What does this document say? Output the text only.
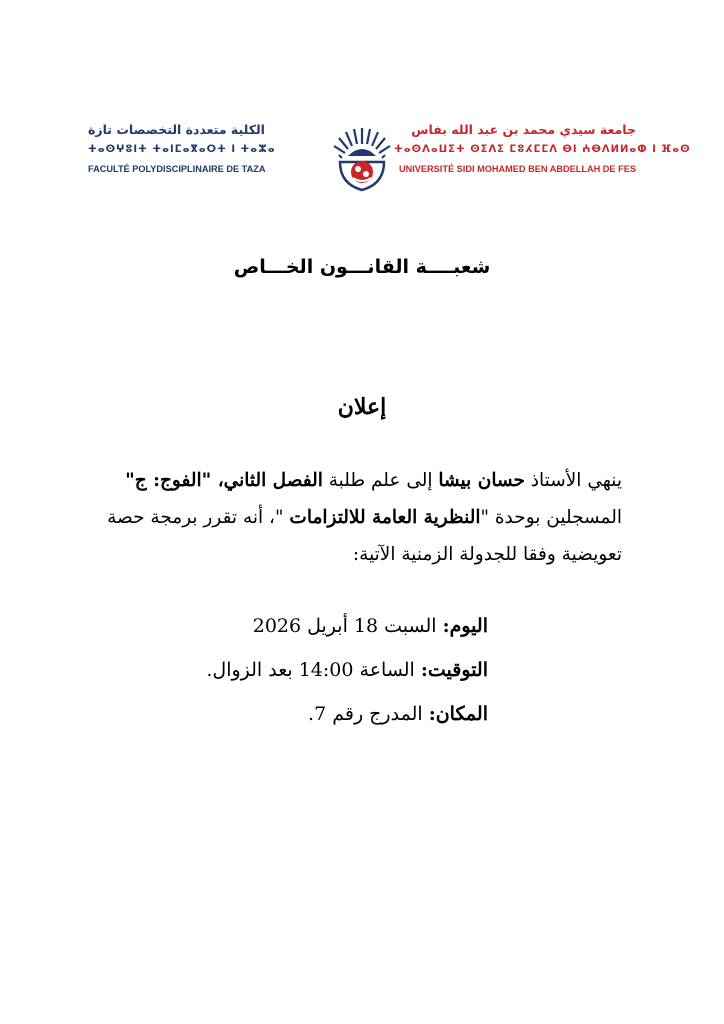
جامعة سيدي محمد بن عبد الله بفاس
ⵜⴰⵙⴷⴰⵡⵉⵜ ⵙⵉⴷⵉ ⵎⵓⵃⵎⵎⴷ ⴱⵏ ⵄⴱⴷⵍⵍⴰⵀ ⵏ ⴼⴰⵙ
UNIVERSITÉ SIDI MOHAMED BEN ABDELLAH DE FES
الكلية متعددة التخصصات تازة
ⵜⴰⵙⵖⵓⵏⵜ ⵜⴰⵏⵎⴰⴳⴰⵔⵜ ⵏ ⵜⴰⵣⴰ
FACULTÉ POLYDISCIPLINAIRE DE TAZA
شعبــــة القانـــون الخـــاص
إعلان
ينهي الأستاذ حسان بيشا إلى علم طلبة الفصل الثاني، "الفوج: ج"
المسجلين بوحدة "النظرية العامة للالتزامات "، أنه تقرر برمجة حصة
تعويضية وفقا للجدولة الزمنية الآتية:
اليوم: السبت 18 أبريل 2026
التوقيت: الساعة 14:00 بعد الزوال.
المكان: المدرج رقم 7.
